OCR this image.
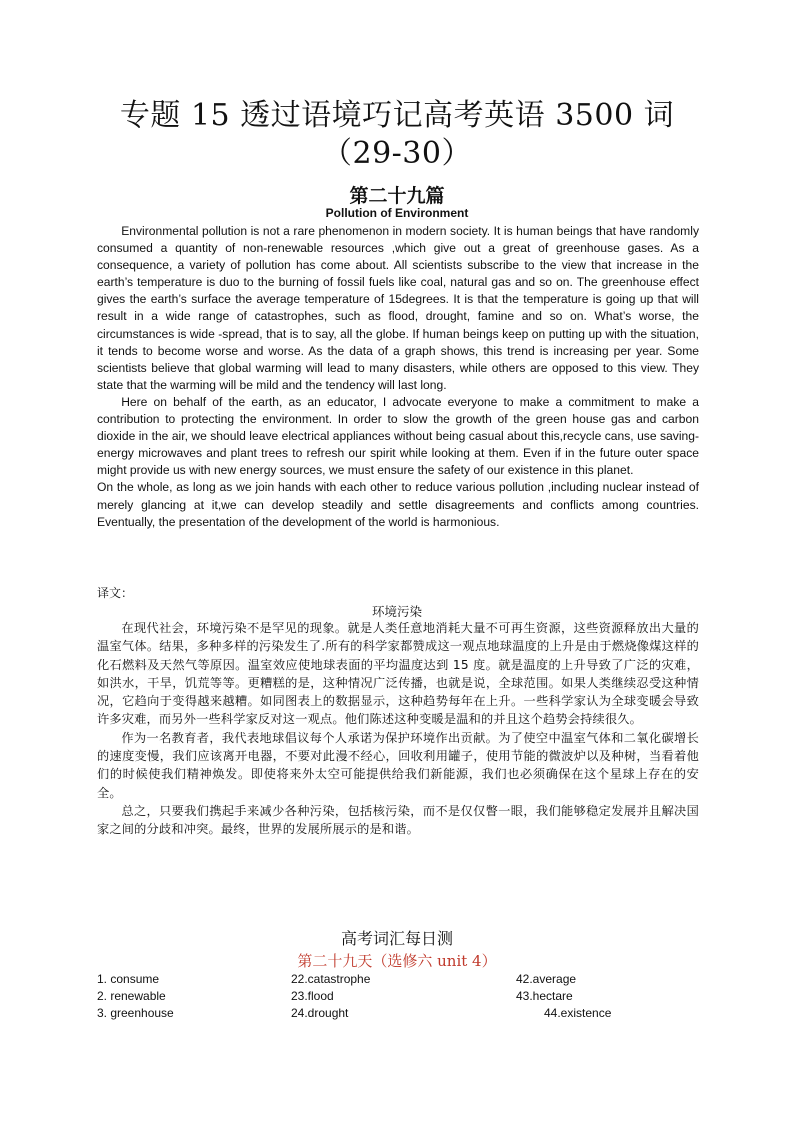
专题 15 透过语境巧记高考英语 3500 词
（29-30）
第二十九篇
Pollution of Environment

Environmental pollution is not a rare phenomenon in modern society. It is human beings that have randomly consumed a quantity of non-renewable resources ,which give out a great of greenhouse gases. As a consequence, a variety of pollution has come about. All scientists subscribe to the view that increase in the earth’s temperature is duo to the burning of fossil fuels like coal, natural gas and so on. The greenhouse effect gives the earth’s surface the average temperature of 15degrees. It is that the temperature is going up that will result in a wide range of catastrophes, such as flood, drought, famine and so on. What’s worse, the circumstances is wide -spread, that is to say, all the globe. If human beings keep on putting up with the situation, it tends to become worse and worse. As the data of a graph shows, this trend is increasing per year. Some scientists believe that global warming will lead to many disasters, while others are opposed to this view. They state that the warming will be mild and the tendency will last long.

Here on behalf of the earth, as an educator, I advocate everyone to make a commitment to make a contribution to protecting the environment. In order to slow the growth of the green house gas and carbon dioxide in the air, we should leave electrical appliances without being casual about this,recycle cans, use saving-energy microwaves and plant trees to refresh our spirit while looking at them. Even if in the future outer space might provide us with new energy sources, we must ensure the safety of our existence in this planet.

On the whole, as long as we join hands with each other to reduce various pollution ,including nuclear instead of merely glancing at it,we can develop steadily and settle disagreements and conflicts among countries. Eventually, the presentation of the development of the world is harmonious.

译文：
环境污染

在现代社会，环境污染不是罕见的现象。就是人类任意地消耗大量不可再生资源，这些资源释放出大量的温室气体。结果，多种多样的污染发生了.所有的科学家都赞成这一观点地球温度的上升是由于燃烧像煤这样的化石燃料及天然气等原因。温室效应使地球表面的平均温度达到 15 度。就是温度的上升导致了广泛的灾难，如洪水，干旱，饥荒等等。更糟糕的是，这种情况广泛传播，也就是说，全球范围。如果人类继续忍受这种情况，它趋向于变得越来越糟。如同图表上的数据显示，这种趋势每年在上升。一些科学家认为全球变暖会导致许多灾难，而另外一些科学家反对这一观点。他们陈述这种变暖是温和的并且这个趋势会持续很久。

作为一名教育者，我代表地球倡议每个人承诺为保护环境作出贡献。为了使空中温室气体和二氧化碳增长的速度变慢，我们应该离开电器，不要对此漫不经心，回收利用罐子，使用节能的微波炉以及种树，当看着他们的时候使我们精神焕发。即使将来外太空可能提供给我们新能源，我们也必须确保在这个星球上存在的安全。

总之，只要我们携起手来减少各种污染，包括核污染，而不是仅仅瞥一眼，我们能够稳定发展并且解决国家之间的分歧和冲突。最终，世界的发展所展示的是和谐。

高考词汇每日测
第二十九天（选修六 unit 4）
1. consume	22.catastrophe	42.average
2. renewable	23.flood	43.hectare
3. greenhouse	24.drought	44.existence
